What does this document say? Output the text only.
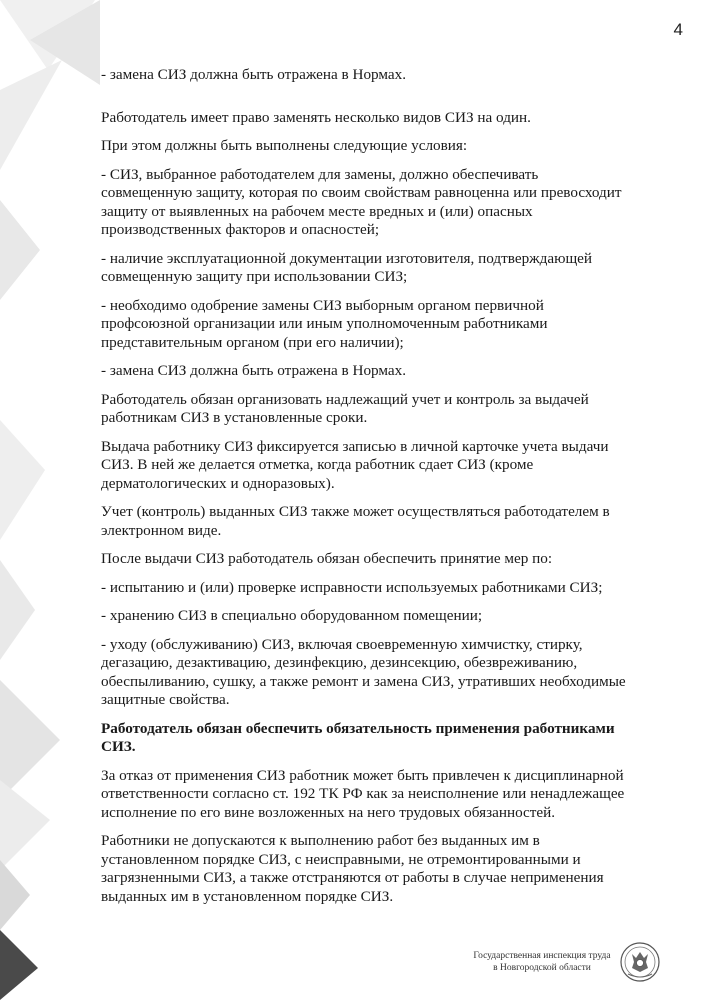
4

- замена СИЗ должна быть отражена в Нормах.

Работодатель имеет право заменять несколько видов СИЗ на один.

При этом должны быть выполнены следующие условия:

- СИЗ, выбранное работодателем для замены, должно обеспечивать совмещенную защиту, которая по своим свойствам равноценна или превосходит защиту от выявленных на рабочем месте вредных и (или) опасных производственных факторов и опасностей;

- наличие эксплуатационной документации изготовителя, подтверждающей совмещенную защиту при использовании СИЗ;

- необходимо одобрение замены СИЗ выборным органом первичной профсоюзной организации или иным уполномоченным работниками представительным органом (при его наличии);

- замена СИЗ должна быть отражена в Нормах.

Работодатель обязан организовать надлежащий учет и контроль за выдачей работникам СИЗ в установленные сроки.

Выдача работнику СИЗ фиксируется записью в личной карточке учета выдачи СИЗ. В ней же делается отметка, когда работник сдает СИЗ (кроме дерматологических и одноразовых).

Учет (контроль) выданных СИЗ также может осуществляться работодателем в электронном виде.

После выдачи СИЗ работодатель обязан обеспечить принятие мер по:

- испытанию и (или) проверке исправности используемых работниками СИЗ;

- хранению СИЗ в специально оборудованном помещении;

- уходу (обслуживанию) СИЗ, включая своевременную химчистку, стирку, дегазацию, дезактивацию, дезинфекцию, дезинсекцию, обезвреживанию, обеспыливанию, сушку, а также ремонт и замена СИЗ, утративших необходимые защитные свойства.

Работодатель обязан обеспечить обязательность применения работниками СИЗ.

За отказ от применения СИЗ работник может быть привлечен к дисциплинарной ответственности согласно ст. 192 ТК РФ как за неисполнение или ненадлежащее исполнение по его вине возложенных на него трудовых обязанностей.

Работники не допускаются к выполнению работ без выданных им в установленном порядке СИЗ, с неисправными, не отремонтированными и загрязненными СИЗ, а также отстраняются от работы в случае неприменения выданных им в установленном порядке СИЗ.

Государственная инспекция труда
в Новгородской области
